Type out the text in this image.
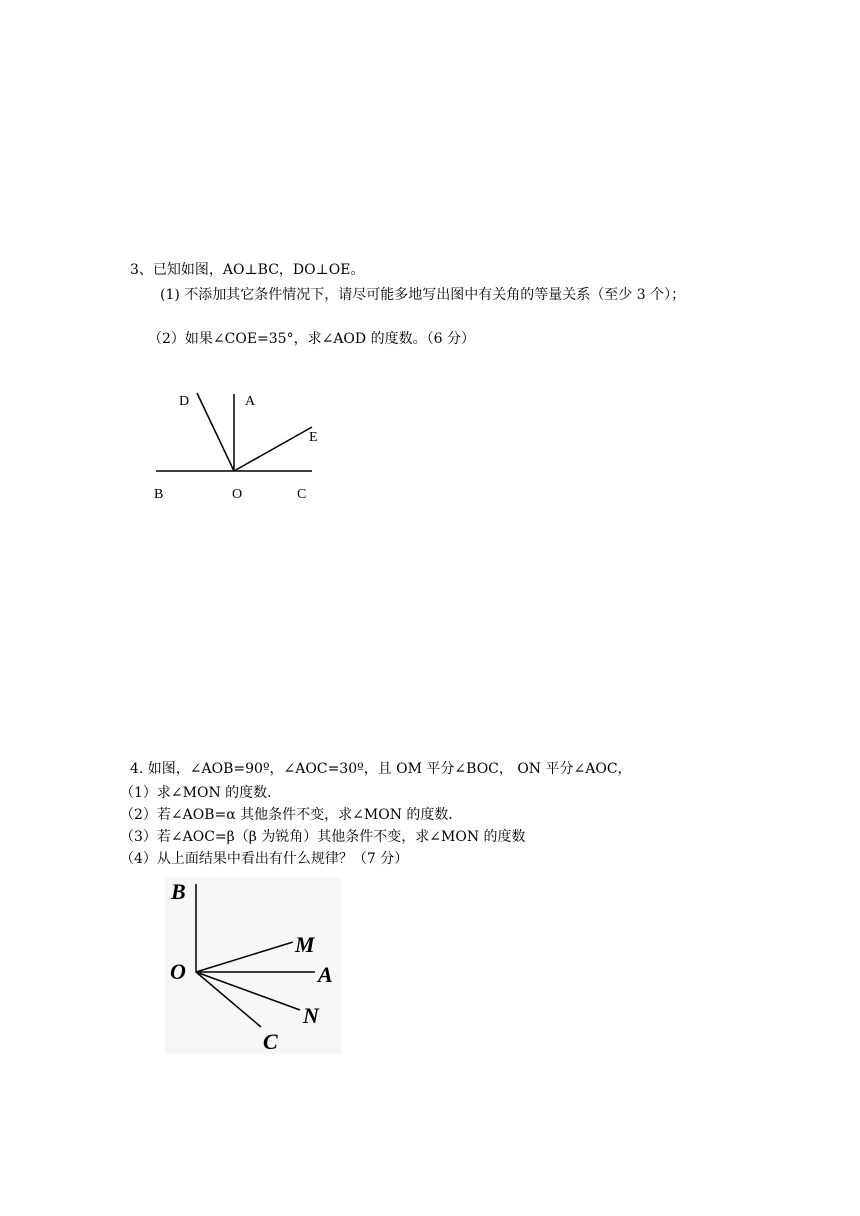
3、已知如图，AO⊥BC，DO⊥OE。
(1) 不添加其它条件情况下，请尽可能多地写出图中有关角的等量关系（至少 3 个）；
（2）如果∠COE=35°，求∠AOD 的度数。（6 分）
D	A
E
B	O	C
4. 如图，∠AOB=90º，∠AOC=30º，且 OM 平分∠BOC， ON 平分∠AOC，
（1）求∠MON 的度数．
（2）若∠AOB=α 其他条件不变，求∠MON 的度数．
（3）若∠AOC=β（β 为锐角）其他条件不变，求∠MON 的度数
（4）从上面结果中看出有什么规律？（7 分）
B
M
O	A
N
C
